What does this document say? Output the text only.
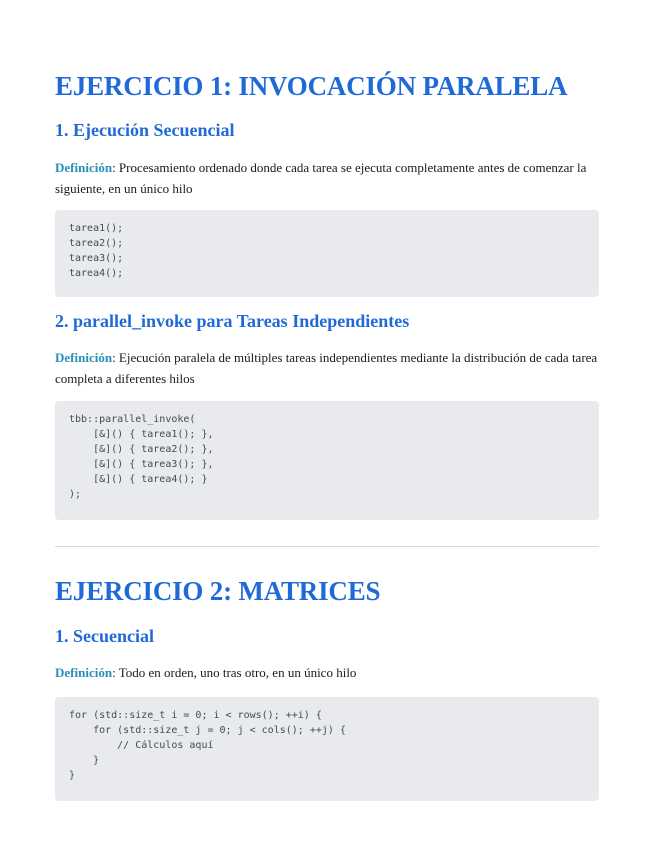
EJERCICIO 1: INVOCACIÓN PARALELA
1. Ejecución Secuencial

Definición: Procesamiento ordenado donde cada tarea se ejecuta completamente antes de comenzar la siguiente, en un único hilo

tarea1();
tarea2();
tarea3();
tarea4();
2. parallel_invoke para Tareas Independientes

Definición: Ejecución paralela de múltiples tareas independientes mediante la distribución de cada tarea completa a diferentes hilos

tbb::parallel_invoke(
[&]() { tarea1(); },
[&]() { tarea2(); },
[&]() { tarea3(); },
[&]() { tarea4(); }
);
EJERCICIO 2: MATRICES
1. Secuencial

Definición: Todo en orden, uno tras otro, en un único hilo

for (std::size_t i = 0; i < rows(); ++i) {
for (std::size_t j = 0; j < cols(); ++j) {
// Cálculos aquí
}
}
